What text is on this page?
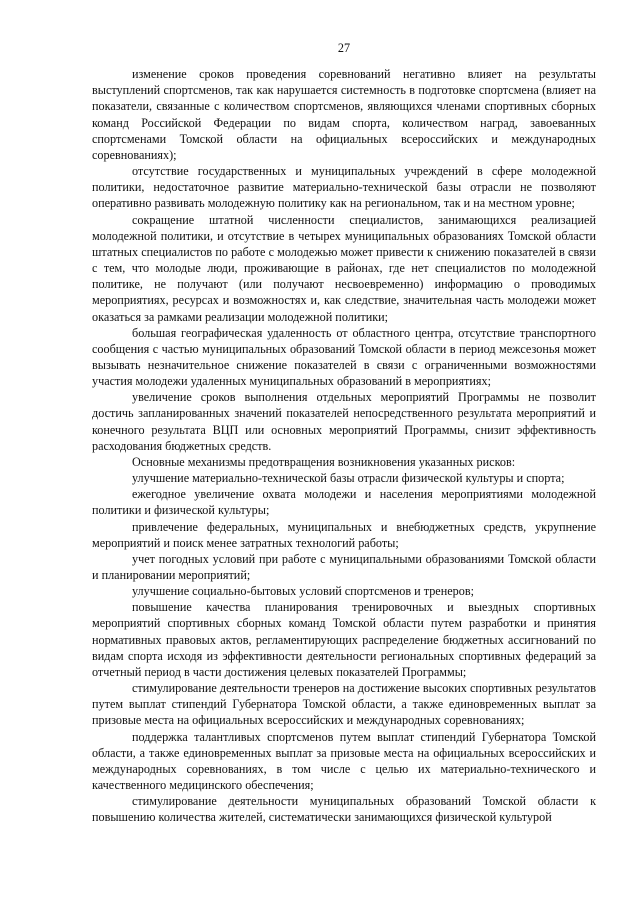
27

изменение сроков проведения соревнований негативно влияет на результаты выступлений спортсменов, так как нарушается системность в подготовке спортсмена (влияет на показатели, связанные с количеством спортсменов, являющихся членами спортивных сборных команд Российской Федерации по видам спорта, количеством наград, завоеванных спортсменами Томской области на официальных всероссийских и международных соревнованиях);

отсутствие государственных и муниципальных учреждений в сфере молодежной политики, недостаточное развитие материально-технической базы отрасли не позволяют оперативно развивать молодежную политику как на региональном, так и на местном уровне;

сокращение штатной численности специалистов, занимающихся реализацией молодежной политики, и отсутствие в четырех муниципальных образованиях Томской области штатных специалистов по работе с молодежью может привести к снижению показателей в связи с тем, что молодые люди, проживающие в районах, где нет специалистов по молодежной политике, не получают (или получают несвоевременно) информацию о проводимых мероприятиях, ресурсах и возможностях и, как следствие, значительная часть молодежи может оказаться за рамками реализации молодежной политики;

большая географическая удаленность от областного центра, отсутствие транспортного сообщения с частью муниципальных образований Томской области в период межсезонья может вызывать незначительное снижение показателей в связи с ограниченными возможностями участия молодежи удаленных муниципальных образований в мероприятиях;

увеличение сроков выполнения отдельных мероприятий Программы не позволит достичь запланированных значений показателей непосредственного результата мероприятий и конечного результата ВЦП или основных мероприятий Программы, снизит эффективность расходования бюджетных средств.

Основные механизмы предотвращения возникновения указанных рисков:

улучшение материально-технической базы отрасли физической культуры и спорта;

ежегодное увеличение охвата молодежи и населения мероприятиями молодежной политики и физической культуры;

привлечение федеральных, муниципальных и внебюджетных средств, укрупнение мероприятий и поиск менее затратных технологий работы;

учет погодных условий при работе с муниципальными образованиями Томской области и планировании мероприятий;

улучшение социально-бытовых условий спортсменов и тренеров;

повышение качества планирования тренировочных и выездных спортивных мероприятий спортивных сборных команд Томской области путем разработки и принятия нормативных правовых актов, регламентирующих распределение бюджетных ассигнований по видам спорта исходя из эффективности деятельности региональных спортивных федераций за отчетный период в части достижения целевых показателей Программы;

стимулирование деятельности тренеров на достижение высоких спортивных результатов путем выплат стипендий Губернатора Томской области, а также единовременных выплат за призовые места на официальных всероссийских и международных соревнованиях;

поддержка талантливых спортсменов путем выплат стипендий Губернатора Томской области, а также единовременных выплат за призовые места на официальных всероссийских и международных соревнованиях, в том числе с целью их материально-технического и качественного медицинского обеспечения;

стимулирование деятельности муниципальных образований Томской области к повышению количества жителей, систематически занимающихся физической культурой
